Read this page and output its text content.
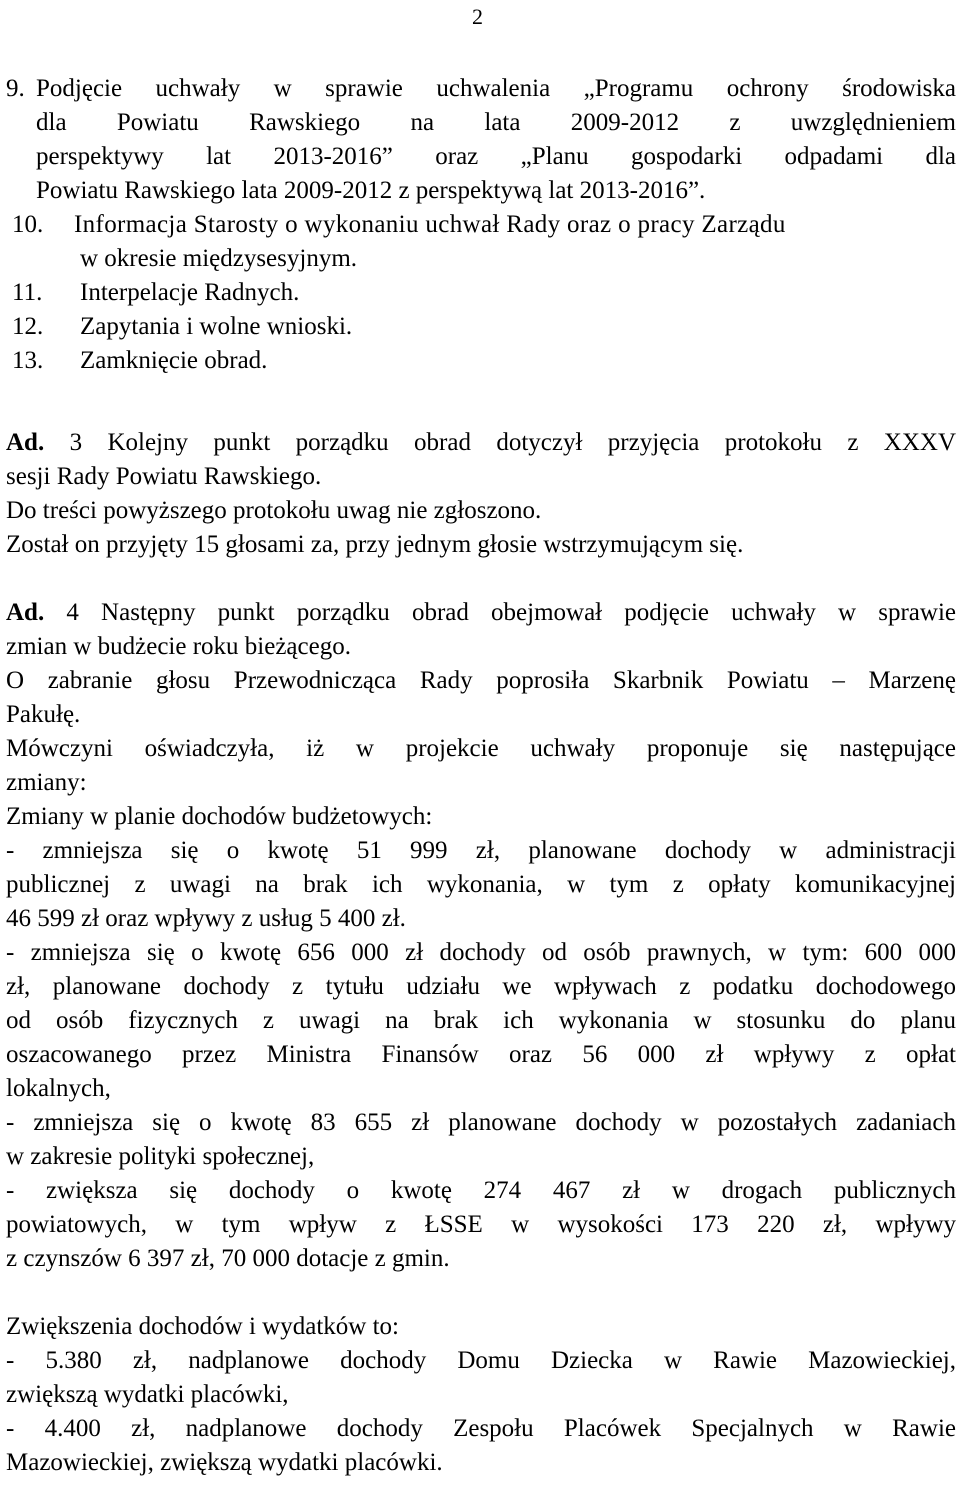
2
9. Podjęcie uchwały w sprawie uchwalenia „Programu ochrony środowiska
dla Powiatu Rawskiego na lata 2009-2012 z uwzględnieniem
perspektywy lat 2013-2016” oraz „Planu gospodarki odpadami dla
Powiatu Rawskiego lata 2009-2012 z perspektywą lat 2013-2016”.
10. Informacja Starosty o wykonaniu uchwał Rady oraz o pracy Zarządu
w okresie międzysesyjnym.
11. Interpelacje Radnych.
12. Zapytania i wolne wnioski.
13. Zamknięcie obrad.
Ad. 3 Kolejny punkt porządku obrad dotyczył przyjęcia protokołu z XXXV
sesji Rady Powiatu Rawskiego.
Do treści powyższego protokołu uwag nie zgłoszono.
Został on przyjęty 15 głosami za, przy jednym głosie wstrzymującym się.
Ad. 4 Następny punkt porządku obrad obejmował podjęcie uchwały w sprawie
zmian w budżecie roku bieżącego.
O zabranie głosu Przewodnicząca Rady poprosiła Skarbnik Powiatu – Marzenę
Pakułę.
Mówczyni oświadczyła, iż w projekcie uchwały proponuje się następujące
zmiany:
Zmiany w planie dochodów budżetowych:
- zmniejsza się o kwotę 51 999 zł, planowane dochody w administracji
publicznej z uwagi na brak ich wykonania, w tym z opłaty komunikacyjnej
46 599 zł oraz wpływy z usług 5 400 zł.
- zmniejsza się o kwotę 656 000 zł dochody od osób prawnych, w tym: 600 000
zł, planowane dochody z tytułu udziału we wpływach z podatku dochodowego
od osób fizycznych z uwagi na brak ich wykonania w stosunku do planu
oszacowanego przez Ministra Finansów oraz 56 000 zł wpływy z opłat
lokalnych,
- zmniejsza się o kwotę 83 655 zł planowane dochody w pozostałych zadaniach
w zakresie polityki społecznej,
- zwiększa się dochody o kwotę 274 467 zł w drogach publicznych
powiatowych, w tym wpływ z ŁSSE w wysokości 173 220 zł, wpływy
z czynszów 6 397 zł, 70 000 dotacje z gmin.
Zwiększenia dochodów i wydatków to:
- 5.380 zł, nadplanowe dochody Domu Dziecka w Rawie Mazowieckiej,
zwiększą wydatki placówki,
- 4.400 zł, nadplanowe dochody Zespołu Placówek Specjalnych w Rawie
Mazowieckiej, zwiększą wydatki placówki.
